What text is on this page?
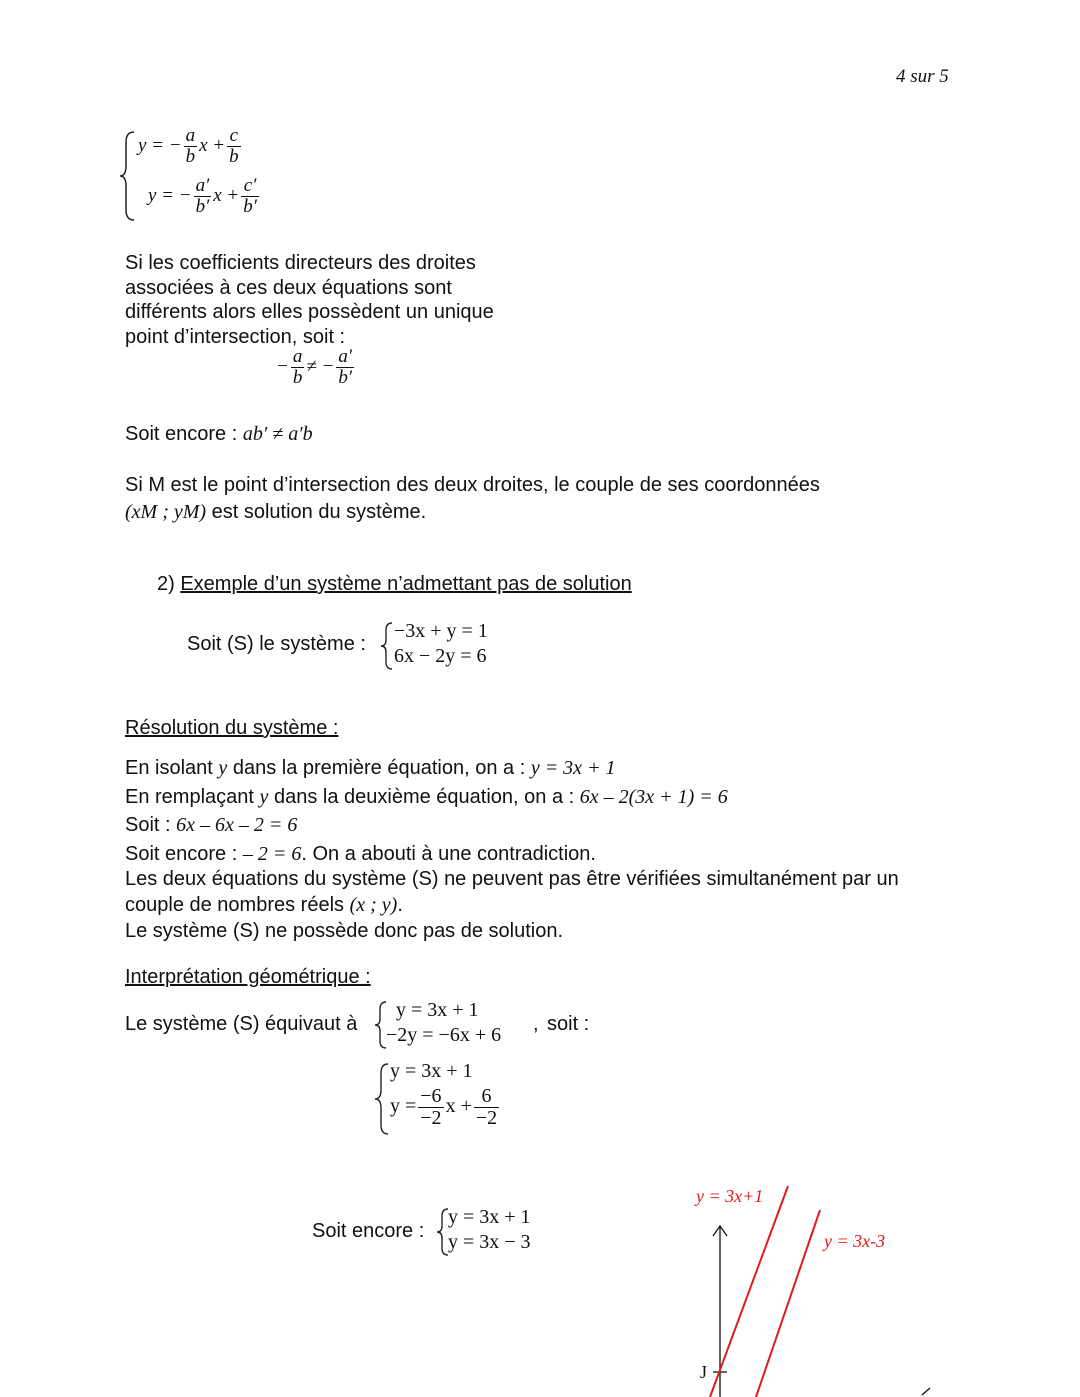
4 sur 5
y = − $\frac{a}{b}$ $x + \frac{c}{b}$
y = − $\frac{a'}{b'}$ $x + \frac{c'}{b'}$
Si les coefficients directeurs des droites
associées à ces deux équations sont
différents alors elles possèdent un unique
point d’intersection, soit :
− $\frac{a}{b}$ ≠ − $\frac{a'}{b'}$
Soit encore : ab′ ≠ a′b
Si M est le point d’intersection des deux droites, le couple de ses coordonnées
(xM ; yM) est solution du système.
2) Exemple d’un système n’admettant pas de solution
Soit (S) le système :
−3x + y = 1
6x − 2y = 6
Résolution du système :
En isolant y dans la première équation, on a : y = 3x + 1
En remplaçant y dans la deuxième équation, on a : 6x – 2(3x + 1) = 6
Soit : 6x – 6x – 2 = 6
Soit encore : – 2 = 6. On a abouti à une contradiction.
Les deux équations du système (S) ne peuvent pas être vérifiées simultanément par un
couple de nombres réels (x ; y).
Le système (S) ne possède donc pas de solution.
Interprétation géométrique :
Le système (S) équivaut à
y = 3x + 1
−2y = −6x + 6 , soit :
y = 3x + 1
$y = \frac{-6}{-2}$ $x + \frac{6}{-2}$
Soit encore :
y = 3x + 1
y = 3x − 3
y = 3x+1
y = 3x-3
J
